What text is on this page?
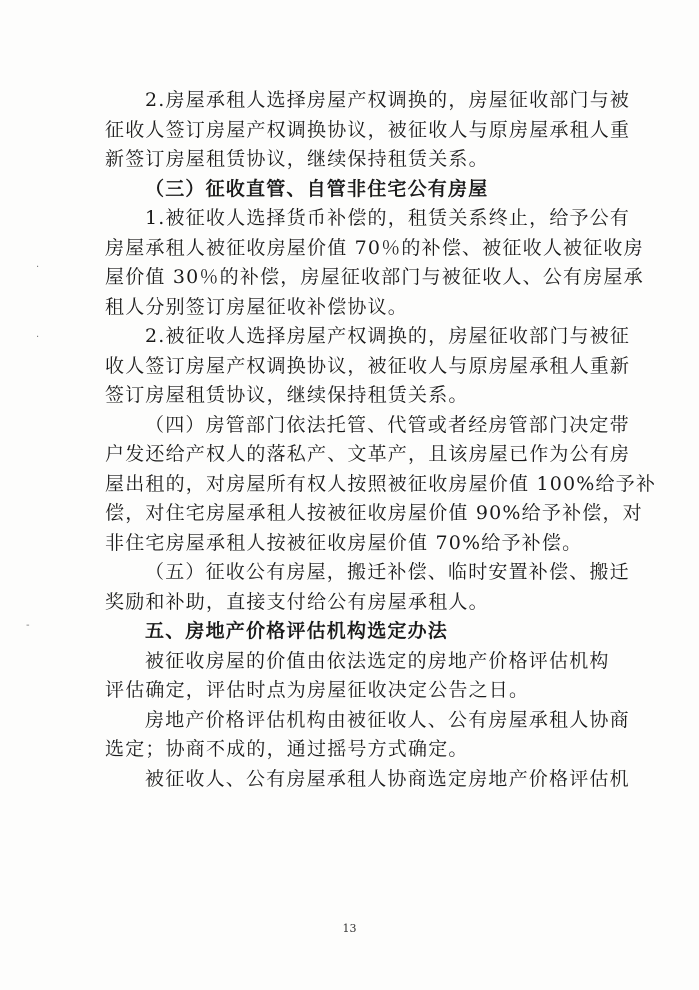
·
·
-
2.房屋承租人选择房屋产权调换的，房屋征收部门与被
征收人签订房屋产权调换协议，被征收人与原房屋承租人重
新签订房屋租赁协议，继续保持租赁关系。
（三）征收直管、自管非住宅公有房屋
1.被征收人选择货币补偿的，租赁关系终止，给予公有
房屋承租人被征收房屋价值 70％的补偿、被征收人被征收房
屋价值 30％的补偿，房屋征收部门与被征收人、公有房屋承
租人分别签订房屋征收补偿协议。
2.被征收人选择房屋产权调换的，房屋征收部门与被征
收人签订房屋产权调换协议，被征收人与原房屋承租人重新
签订房屋租赁协议，继续保持租赁关系。
（四）房管部门依法托管、代管或者经房管部门决定带
户发还给产权人的落私产、文革产，且该房屋已作为公有房
屋出租的，对房屋所有权人按照被征收房屋价值 100%给予补
偿，对住宅房屋承租人按被征收房屋价值 90%给予补偿，对
非住宅房屋承租人按被征收房屋价值 70%给予补偿。
（五）征收公有房屋，搬迁补偿、临时安置补偿、搬迁
奖励和补助，直接支付给公有房屋承租人。
五、房地产价格评估机构选定办法
被征收房屋的价值由依法选定的房地产价格评估机构
评估确定，评估时点为房屋征收决定公告之日。
房地产价格评估机构由被征收人、公有房屋承租人协商
选定；协商不成的，通过摇号方式确定。
被征收人、公有房屋承租人协商选定房地产价格评估机
13
